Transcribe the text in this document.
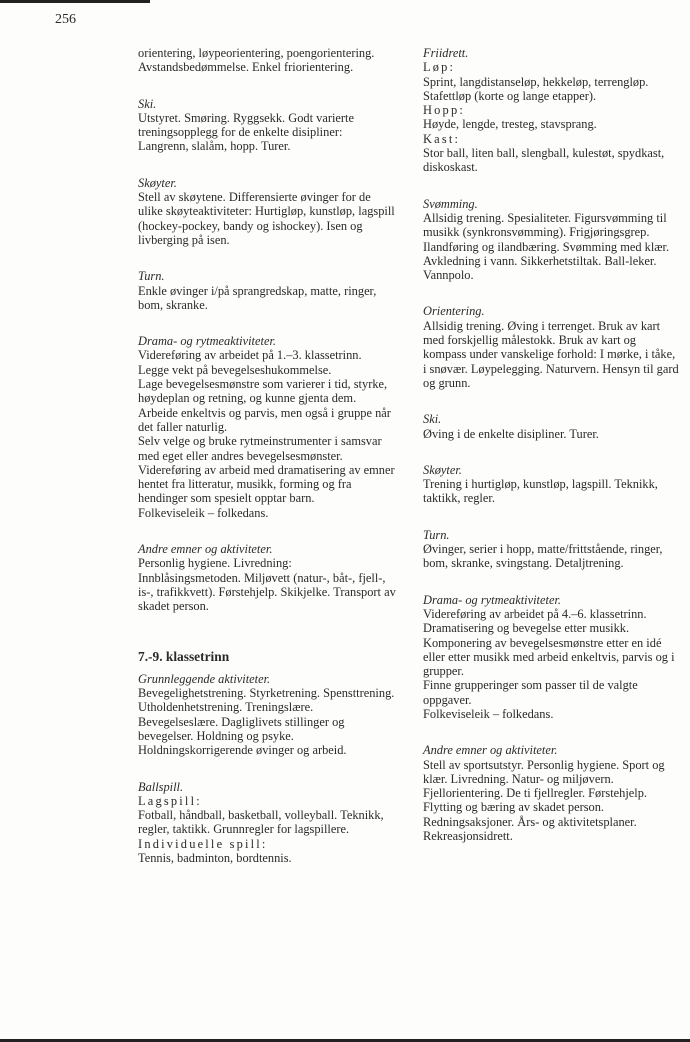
256

orientering, løypeorientering, poengorientering. Avstandsbedømmelse. Enkel friorientering.

Ski.

Utstyret. Smøring. Ryggsekk. Godt varierte treningsopplegg for de enkelte disipliner: Langrenn, slalåm, hopp. Turer.

Skøyter.

Stell av skøytene. Differensierte øvinger for de ulike skøyteaktiviteter: Hurtigløp, kunstløp, lagspill (hockey-pockey, bandy og ishockey). Isen og livberging på isen.

Turn.

Enkle øvinger i/på sprangredskap, matte, ringer, bom, skranke.

Drama- og rytmeaktiviteter.

Videreføring av arbeidet på 1.–3. klassetrinn.

Legge vekt på bevegelseshukommelse.

Lage bevegelsesmønstre som varierer i tid, styrke, høydeplan og retning, og kunne gjenta dem. Arbeide enkeltvis og parvis, men også i gruppe når det faller naturlig.

Selv velge og bruke rytmeinstrumenter i samsvar med eget eller andres bevegelsesmønster.

Videreføring av arbeid med dramatisering av emner hentet fra litteratur, musikk, forming og fra hendinger som spesielt opptar barn.

Folkeviseleik – folkedans.

Andre emner og aktiviteter.

Personlig hygiene. Livredning: Innblåsingsmetoden. Miljøvett (natur-, båt-, fjell-, is-, trafikkvett). Førstehjelp. Skikjelke. Transport av skadet person.

7.-9. klassetrinn

Grunnleggende aktiviteter.

Bevegelighetstrening. Styrketrening. Spensttrening. Utholdenhetstrening. Treningslære. Bevegelseslære. Dagliglivets stillinger og bevegelser. Holdning og psyke. Holdningskorrigerende øvinger og arbeid.

Ballspill.

Lagspill:

Fotball, håndball, basketball, volleyball. Teknikk, regler, taktikk. Grunnregler for lagspillere.

Individuelle spill:

Tennis, badminton, bordtennis.

Friidrett.

Løp:

Sprint, langdistanseløp, hekkeløp, terrengløp. Stafettløp (korte og lange etapper).

Hopp:

Høyde, lengde, tresteg, stavsprang.

Kast:

Stor ball, liten ball, slengball, kulestøt, spydkast, diskoskast.

Svømming.

Allsidig trening. Spesialiteter. Figursvømming til musikk (synkronsvømming). Frigjøringsgrep. Ilandføring og ilandbæring. Svømming med klær. Avkledning i vann. Sikkerhetstiltak. Ball-leker. Vannpolo.

Orientering.

Allsidig trening. Øving i terrenget. Bruk av kart med forskjellig målestokk. Bruk av kart og kompass under vanskelige forhold: I mørke, i tåke, i snøvær. Løypelegging. Naturvern. Hensyn til gard og grunn.

Ski.

Øving i de enkelte disipliner. Turer.

Skøyter.

Trening i hurtigløp, kunstløp, lagspill. Teknikk, taktikk, regler.

Turn.

Øvinger, serier i hopp, matte/frittstående, ringer, bom, skranke, svingstang. Detaljtrening.

Drama- og rytmeaktiviteter.

Videreføring av arbeidet på 4.–6. klassetrinn.

Dramatisering og bevegelse etter musikk.

Komponering av bevegelsesmønstre etter en idé eller etter musikk med arbeid enkeltvis, parvis og i grupper.

Finne grupperinger som passer til de valgte oppgaver.

Folkeviseleik – folkedans.

Andre emner og aktiviteter.

Stell av sportsutstyr. Personlig hygiene. Sport og klær. Livredning. Natur- og miljøvern. Fjellorientering. De ti fjellregler. Førstehjelp. Flytting og bæring av skadet person. Redningsaksjoner. Års- og aktivitetsplaner. Rekreasjonsidrett.
